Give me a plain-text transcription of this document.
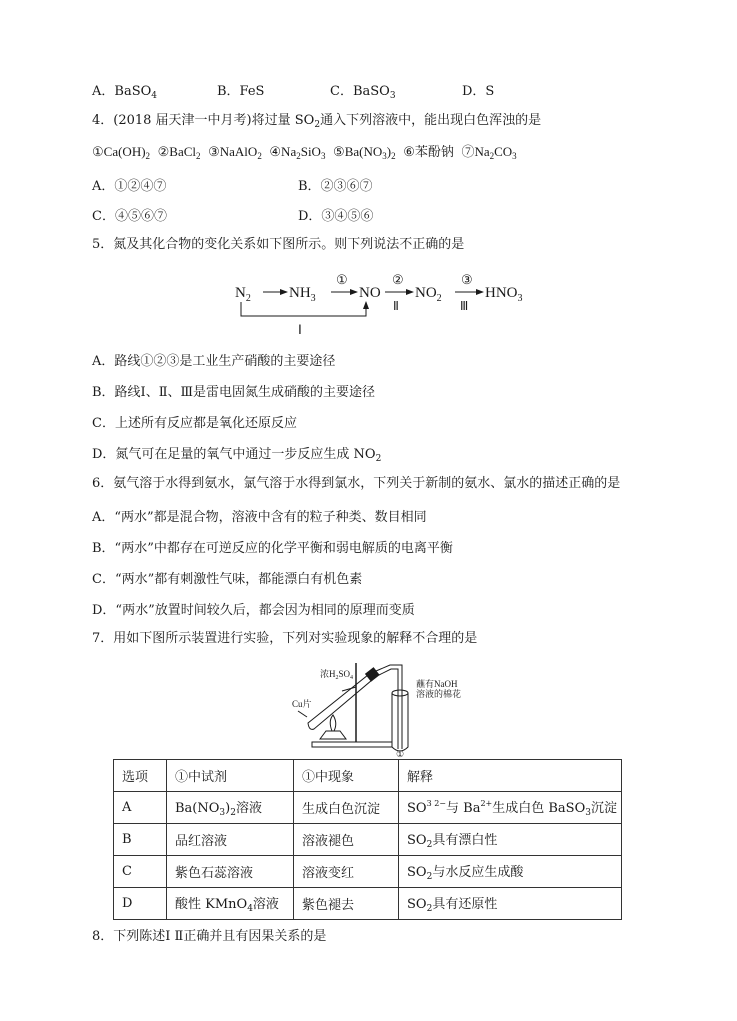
A．BaSO$_4$	B．FeS	C．BaSO$_3$	D．S
4．(2018 届天津一中月考)将过量 $SO_2$通入下列溶液中，能出现白色浑浊的是
$①Ca(OH)_2$  ②BaCl$_2$  ③NaAlO$_2$  $④Na_2SiO_3$  $⑤Ba(NO_3)_2$  ⑥苯酚钠  $⑦Na_2CO_3$
A．①②④⑦	B．②③⑥⑦
C．④⑤⑥⑦	D．③④⑤⑥
5．氮及其化合物的变化关系如下图所示。则下列说法不正确的是
$N_2$	$NH_3$
①
NO
②
Ⅱ
$NO_2$
③
Ⅲ
$HNO_3$
Ⅰ
A．路线①②③是工业生产硝酸的主要途径
B．路线Ⅰ、Ⅱ、Ⅲ是雷电固氮生成硝酸的主要途径
C．上述所有反应都是氧化还原反应
D．氮气可在足量的氧气中通过一步反应生成 $NO_2$
6．氨气溶于水得到氨水，氯气溶于水得到氯水，下列关于新制的氨水、氯水的描述正确的是
A．“两水”都是混合物，溶液中含有的粒子种类、数目相同
B．“两水”中都存在可逆反应的化学平衡和弱电解质的电离平衡
C．“两水”都有刺激性气味，都能漂白有机色素
D．“两水”放置时间较久后，都会因为相同的原理而变质
7．用如下图所示装置进行实验，下列对实验现象的解释不合理的是
浓$H_2SO_4$
Cu片
蘸有NaOH
溶液的棉花
①
选项	①中试剂	①中现象	解释
A	$Ba(NO_3)_2$溶液	生成白色沉淀	$SO^{3 2-}$与 $Ba^{2+}$生成白色 BaSO$_3$沉淀
B	品红溶液	溶液褪色	$SO_2$具有漂白性
C	紫色石蕊溶液	溶液变红	$SO_2$与水反应生成酸
D	酸性 KMnO$_4$溶液	紫色褪去	$SO_2$具有还原性
8．下列陈述Ⅰ Ⅱ正确并且有因果关系的是
